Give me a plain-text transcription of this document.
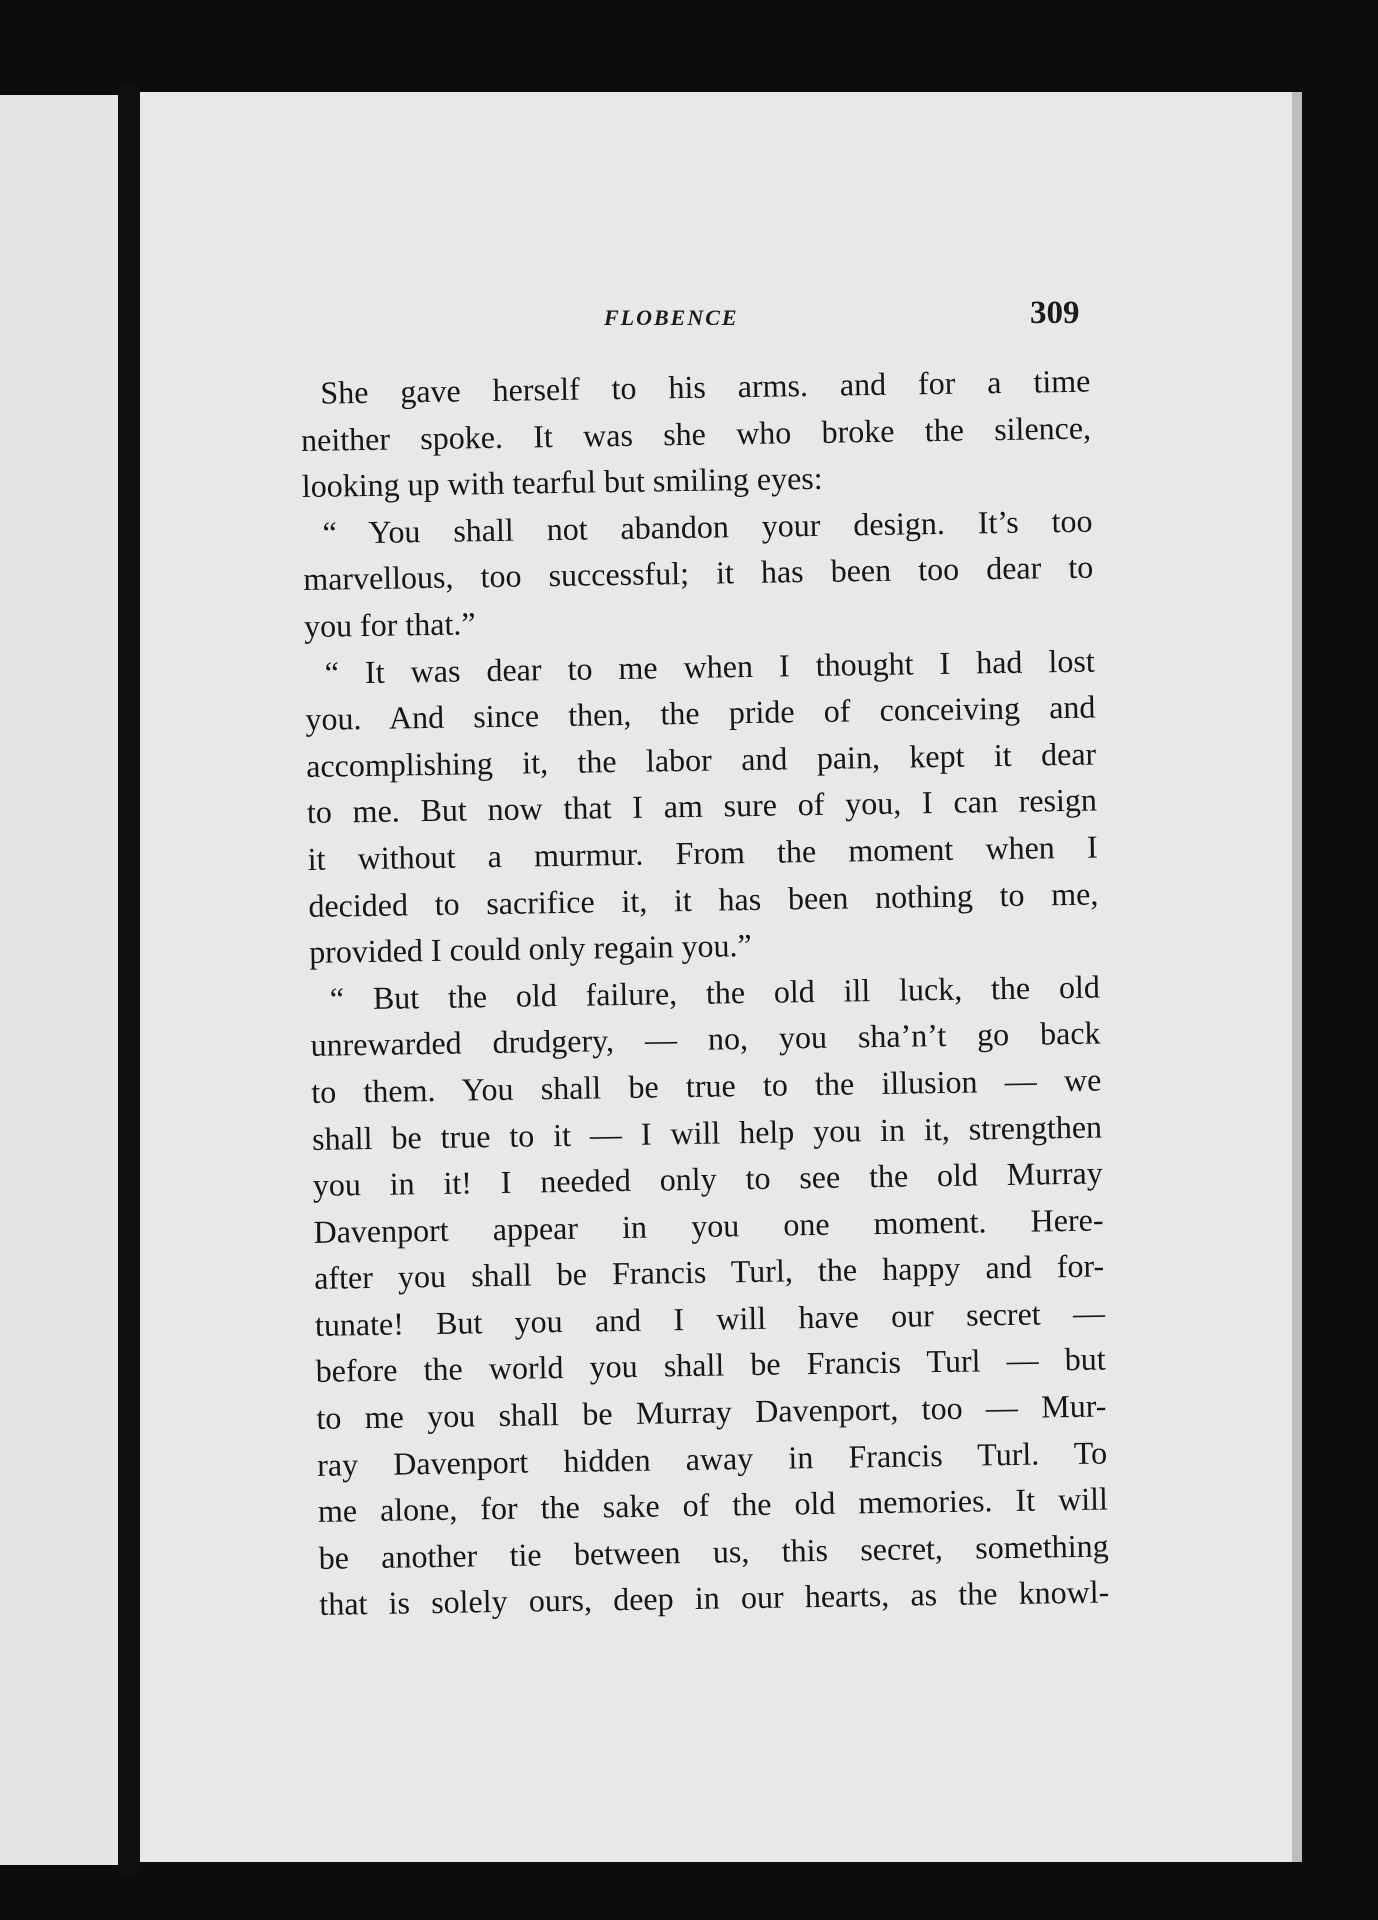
FLOBENCE	309
She gave herself to his arms. and for a time
neither spoke. It was she who broke the silence,
looking up with tearful but smiling eyes:
“ You shall not abandon your design. It’s too
marvellous, too successful; it has been too dear to
you for that.”
“ It was dear to me when I thought I had lost
you. And since then, the pride of conceiving and
accomplishing it, the labor and pain, kept it dear
to me. But now that I am sure of you, I can resign
it without a murmur. From the moment when I
decided to sacrifice it, it has been nothing to me,
provided I could only regain you.”
“ But the old failure, the old ill luck, the old
unrewarded drudgery, — no, you sha’n’t go back
to them. You shall be true to the illusion — we
shall be true to it — I will help you in it, strengthen
you in it! I needed only to see the old Murray
Davenport appear in you one moment. Here-
after you shall be Francis Turl, the happy and for-
tunate! But you and I will have our secret —
before the world you shall be Francis Turl — but
to me you shall be Murray Davenport, too — Mur-
ray Davenport hidden away in Francis Turl. To
me alone, for the sake of the old memories. It will
be another tie between us, this secret, something
that is solely ours, deep in our hearts, as the knowl-
